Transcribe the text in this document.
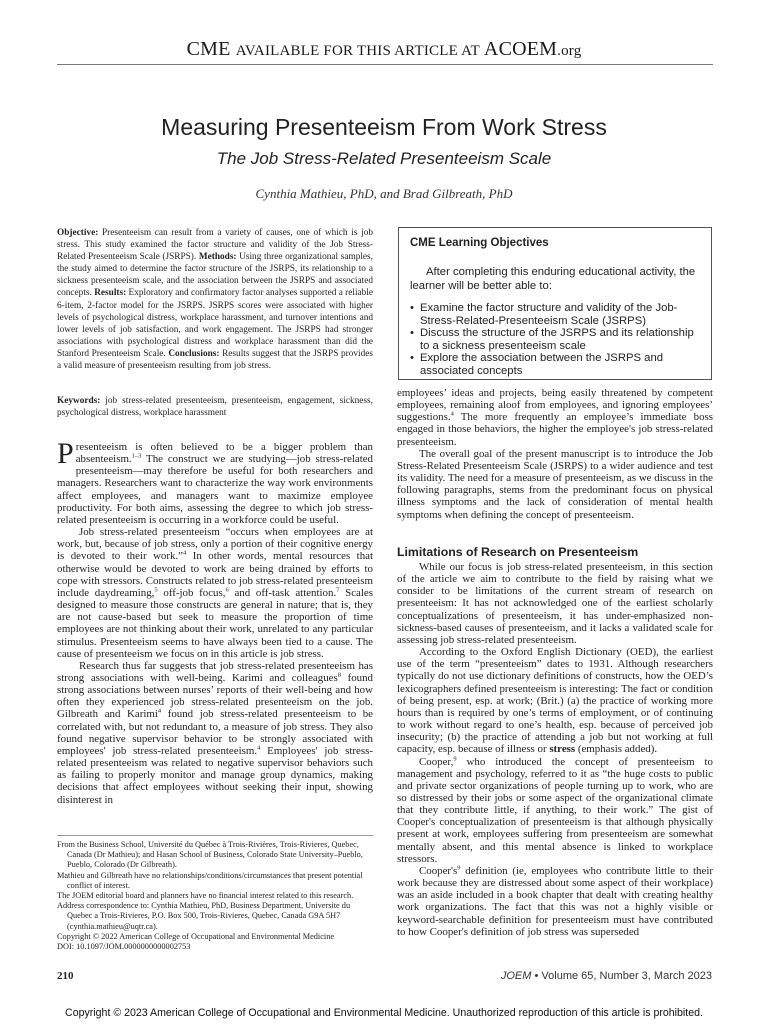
CME AVAILABLE FOR THIS ARTICLE AT ACOEM.org
Measuring Presenteeism From Work Stress
The Job Stress-Related Presenteeism Scale
Cynthia Mathieu, PhD, and Brad Gilbreath, PhD
Objective: Presenteeism can result from a variety of causes, one of which is job stress. This study examined the factor structure and validity of the Job Stress-Related Presenteeism Scale (JSRPS). Methods: Using three organizational samples, the study aimed to determine the factor structure of the JSRPS, its relationship to a sickness presenteeism scale, and the association between the JSRPS and associated concepts. Results: Exploratory and confirmatory factor analyses supported a reliable 6-item, 2-factor model for the JSRPS. JSRPS scores were associated with higher levels of psychological distress, workplace harassment, and turnover intentions and lower levels of job satisfaction, and work engagement. The JSRPS had stronger associations with psychological distress and workplace harassment than did the Stanford Presenteeism Scale. Conclusions: Results suggest that the JSRPS provides a valid measure of presenteeism resulting from job stress.
Keywords: job stress-related presenteeism, presenteeism, engagement, sickness, psychological distress, workplace harassment
CME Learning Objectives
After completing this enduring educational activity, the learner will be better able to:
• Examine the factor structure and validity of the Job-Stress-Related-Presenteeism Scale (JSRPS)
• Discuss the structure of the JSRPS and its relationship to a sickness presenteeism scale
• Explore the association between the JSRPS and associated concepts

Presenteeism is often believed to be a bigger problem than absenteeism.$^{1-3}$ The construct we are studying—job stress-related presenteeism—may therefore be useful for both researchers and managers. Researchers want to characterize the way work environments affect employees, and managers want to maximize employee productivity. For both aims, assessing the degree to which job stress-related presenteeism is occurring in a workforce could be useful.

Job stress-related presenteeism “occurs when employees are at work, but, because of job stress, only a portion of their cognitive energy is devoted to their work.”$^4$ In other words, mental resources that otherwise would be devoted to work are being drained by efforts to cope with stressors. Constructs related to job stress-related presenteeism include daydreaming,$^5$ off-job focus,$^6$ and off-task attention.$^7$ Scales designed to measure those constructs are general in nature; that is, they are not cause-based but seek to measure the proportion of time employees are not thinking about their work, unrelated to any particular stimulus. Presenteeism seems to have always been tied to a cause. The cause of presenteeism we focus on in this article is job stress.

Research thus far suggests that job stress-related presenteeism has strong associations with well-being. Karimi and colleagues$^8$ found strong associations between nurses’ reports of their well-being and how often they experienced job stress-related presenteeism on the job. Gilbreath and Karimi$^4$ found job stress-related presenteeism to be correlated with, but not redundant to, a measure of job stress. They also found negative supervisor behavior to be strongly associated with employees' job stress-related presenteeism.$^4$ Employees' job stress-related presenteeism was related to negative supervisor behaviors such as failing to properly monitor and manage group dynamics, making decisions that affect employees without seeking their input, showing disinterest in

employees’ ideas and projects, being easily threatened by competent employees, remaining aloof from employees, and ignoring employees’ suggestions.$^4$ The more frequently an employee’s immediate boss engaged in those behaviors, the higher the employee's job stress-related presenteeism.

The overall goal of the present manuscript is to introduce the Job Stress-Related Presenteeism Scale (JSRPS) to a wider audience and test its validity. The need for a measure of presenteeism, as we discuss in the following paragraphs, stems from the predominant focus on physical illness symptoms and the lack of consideration of mental health symptoms when defining the concept of presenteeism.

Limitations of Research on Presenteeism

While our focus is job stress-related presenteeism, in this section of the article we aim to contribute to the field by raising what we consider to be limitations of the current stream of research on presenteeism: It has not acknowledged one of the earliest scholarly conceptualizations of presenteeism, it has under-emphasized non-sickness-based causes of presenteeism, and it lacks a validated scale for assessing job stress-related presenteeism.

According to the Oxford English Dictionary (OED), the earliest use of the term “presenteeism” dates to 1931. Although researchers typically do not use dictionary definitions of constructs, how the OED’s lexicographers defined presenteeism is interesting: The fact or condition of being present, esp. at work; (Brit.) (a) the practice of working more hours than is required by one’s terms of employment, or of continuing to work without regard to one’s health, esp. because of perceived job insecurity; (b) the practice of attending a job but not working at full capacity, esp. because of illness or stress (emphasis added).

Cooper,$^9$ who introduced the concept of presenteeism to management and psychology, referred to it as “the huge costs to public and private sector organizations of people turning up to work, who are so distressed by their jobs or some aspect of the organizational climate that they contribute little, if anything, to their work.” The gist of Cooper's conceptualization of presenteeism is that although physically present at work, employees suffering from presenteeism are somewhat mentally absent, and this mental absence is linked to workplace stressors.

$Cooper's^9$ definition (ie, employees who contribute little to their work because they are distressed about some aspect of their workplace) was an aside included in a book chapter that dealt with creating healthy work organizations. The fact that this was not a highly visible or keyword-searchable definition for presenteeism must have contributed to how Cooper's definition of job stress was superseded

From the Business School, Université du Québec à Trois-Rivières, Trois-Rivieres, Quebec, Canada (Dr Mathieu); and Hasan School of Business, Colorado State University–Pueblo, Pueblo, Colorado (Dr Gilbreath).

Mathieu and Gilbreath have no relationships/conditions/circumstances that present potential conflict of interest.

The JOEM editorial board and planners have no financial interest related to this research.

Address correspondence to: Cynthia Mathieu, PhD, Business Department, Universite du Quebec a Trois-Rivieres, P.O. Box 500, Trois-Rivieres, Quebec, Canada G9A 5H7 (cynthia.mathieu@uqtr.ca).

Copyright © 2022 American College of Occupational and Environmental Medicine

DOI: 10.1097/JOM.0000000000002753

210	JOEM • Volume 65, Number 3, March 2023
Copyright © 2023 American College of Occupational and Environmental Medicine. Unauthorized reproduction of this article is prohibited.
